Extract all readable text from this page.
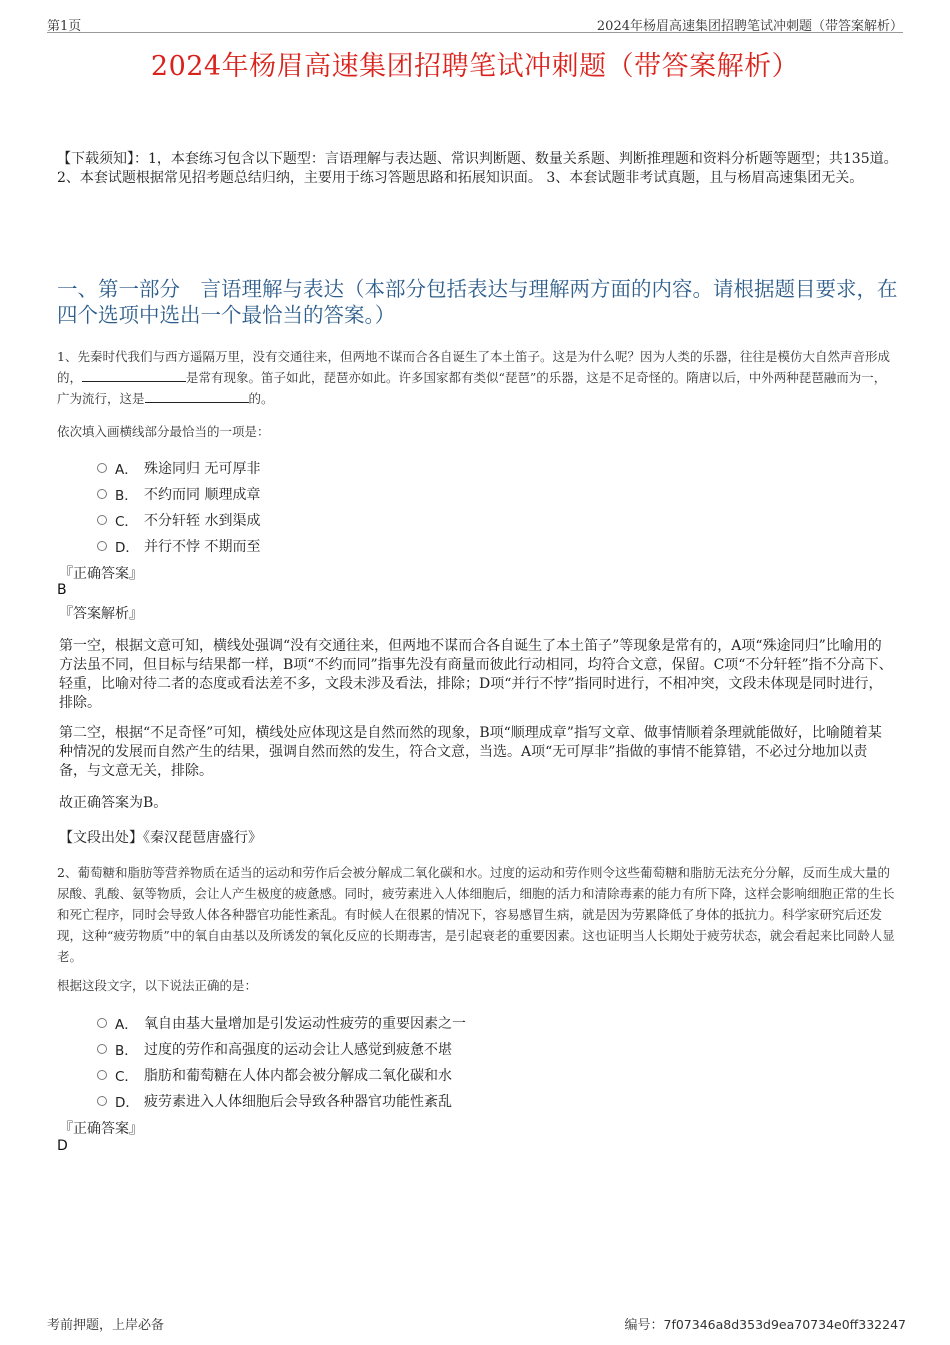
第1页	2024年杨眉高速集团招聘笔试冲刺题（带答案解析）
2024年杨眉高速集团招聘笔试冲刺题（带答案解析）
【下载须知】：1，本套练习包含以下题型：言语理解与表达题、常识判断题、数量关系题、判断推理题和资料分析题等题型；共135道。 2、本套试题根据常见招考题总结归纳，主要用于练习答题思路和拓展知识面。 3、本套试题非考试真题，且与杨眉高速集团无关。
一、第一部分　言语理解与表达（本部分包括表达与理解两方面的内容。请根据题目要求，在四个选项中选出一个最恰当的答案。）

1、先秦时代我们与西方遥隔万里，没有交通往来，但两地不谋而合各自诞生了本土笛子。这是为什么呢？因为人类的乐器，往往是模仿大自然声音形成的，	是常有现象。笛子如此，琵琶亦如此。许多国家都有类似“琵琶”的乐器，这是不足奇怪的。隋唐以后，中外两种琵琶融而为一，广为流行，这是	的。

依次填入画横线部分最恰当的一项是：
A． 殊途同归 无可厚非
B． 不约而同 顺理成章
C． 不分轩轾 水到渠成
D． 并行不悖 不期而至
『正确答案』
B
『答案解析』

第一空，根据文意可知，横线处强调“没有交通往来，但两地不谋而合各自诞生了本土笛子”等现象是常有的，A项“殊途同归”比喻用的方法虽不同，但目标与结果都一样，B项“不约而同”指事先没有商量而彼此行动相同，均符合文意，保留。C项“不分轩轾”指不分高下、轻重，比喻对待二者的态度或看法差不多，文段未涉及看法，排除；D项“并行不悖”指同时进行，不相冲突，文段未体现是同时进行，排除。

第二空，根据“不足奇怪”可知，横线处应体现这是自然而然的现象，B项“顺理成章”指写文章、做事情顺着条理就能做好，比喻随着某种情况的发展而自然产生的结果，强调自然而然的发生，符合文意，当选。A项“无可厚非”指做的事情不能算错，不必过分地加以责备，与文意无关，排除。

故正确答案为B。

【文段出处】《秦汉琵琶唐盛行》

2、葡萄糖和脂肪等营养物质在适当的运动和劳作后会被分解成二氧化碳和水。过度的运动和劳作则令这些葡萄糖和脂肪无法充分分解，反而生成大量的尿酸、乳酸、氨等物质，会让人产生极度的疲惫感。同时，疲劳素进入人体细胞后，细胞的活力和清除毒素的能力有所下降，这样会影响细胞正常的生长和死亡程序，同时会导致人体各种器官功能性紊乱。有时候人在很累的情况下，容易感冒生病，就是因为劳累降低了身体的抵抗力。科学家研究后还发现，这种“疲劳物质”中的氧自由基以及所诱发的氧化反应的长期毒害，是引起衰老的重要因素。这也证明当人长期处于疲劳状态，就会看起来比同龄人显老。

根据这段文字，以下说法正确的是：
A． 氧自由基大量增加是引发运动性疲劳的重要因素之一
B． 过度的劳作和高强度的运动会让人感觉到疲惫不堪
C． 脂肪和葡萄糖在人体内都会被分解成二氧化碳和水
D． 疲劳素进入人体细胞后会导致各种器官功能性紊乱
『正确答案』
D
考前押题，上岸必备	编号：7f07346a8d353d9ea70734e0ff332247
